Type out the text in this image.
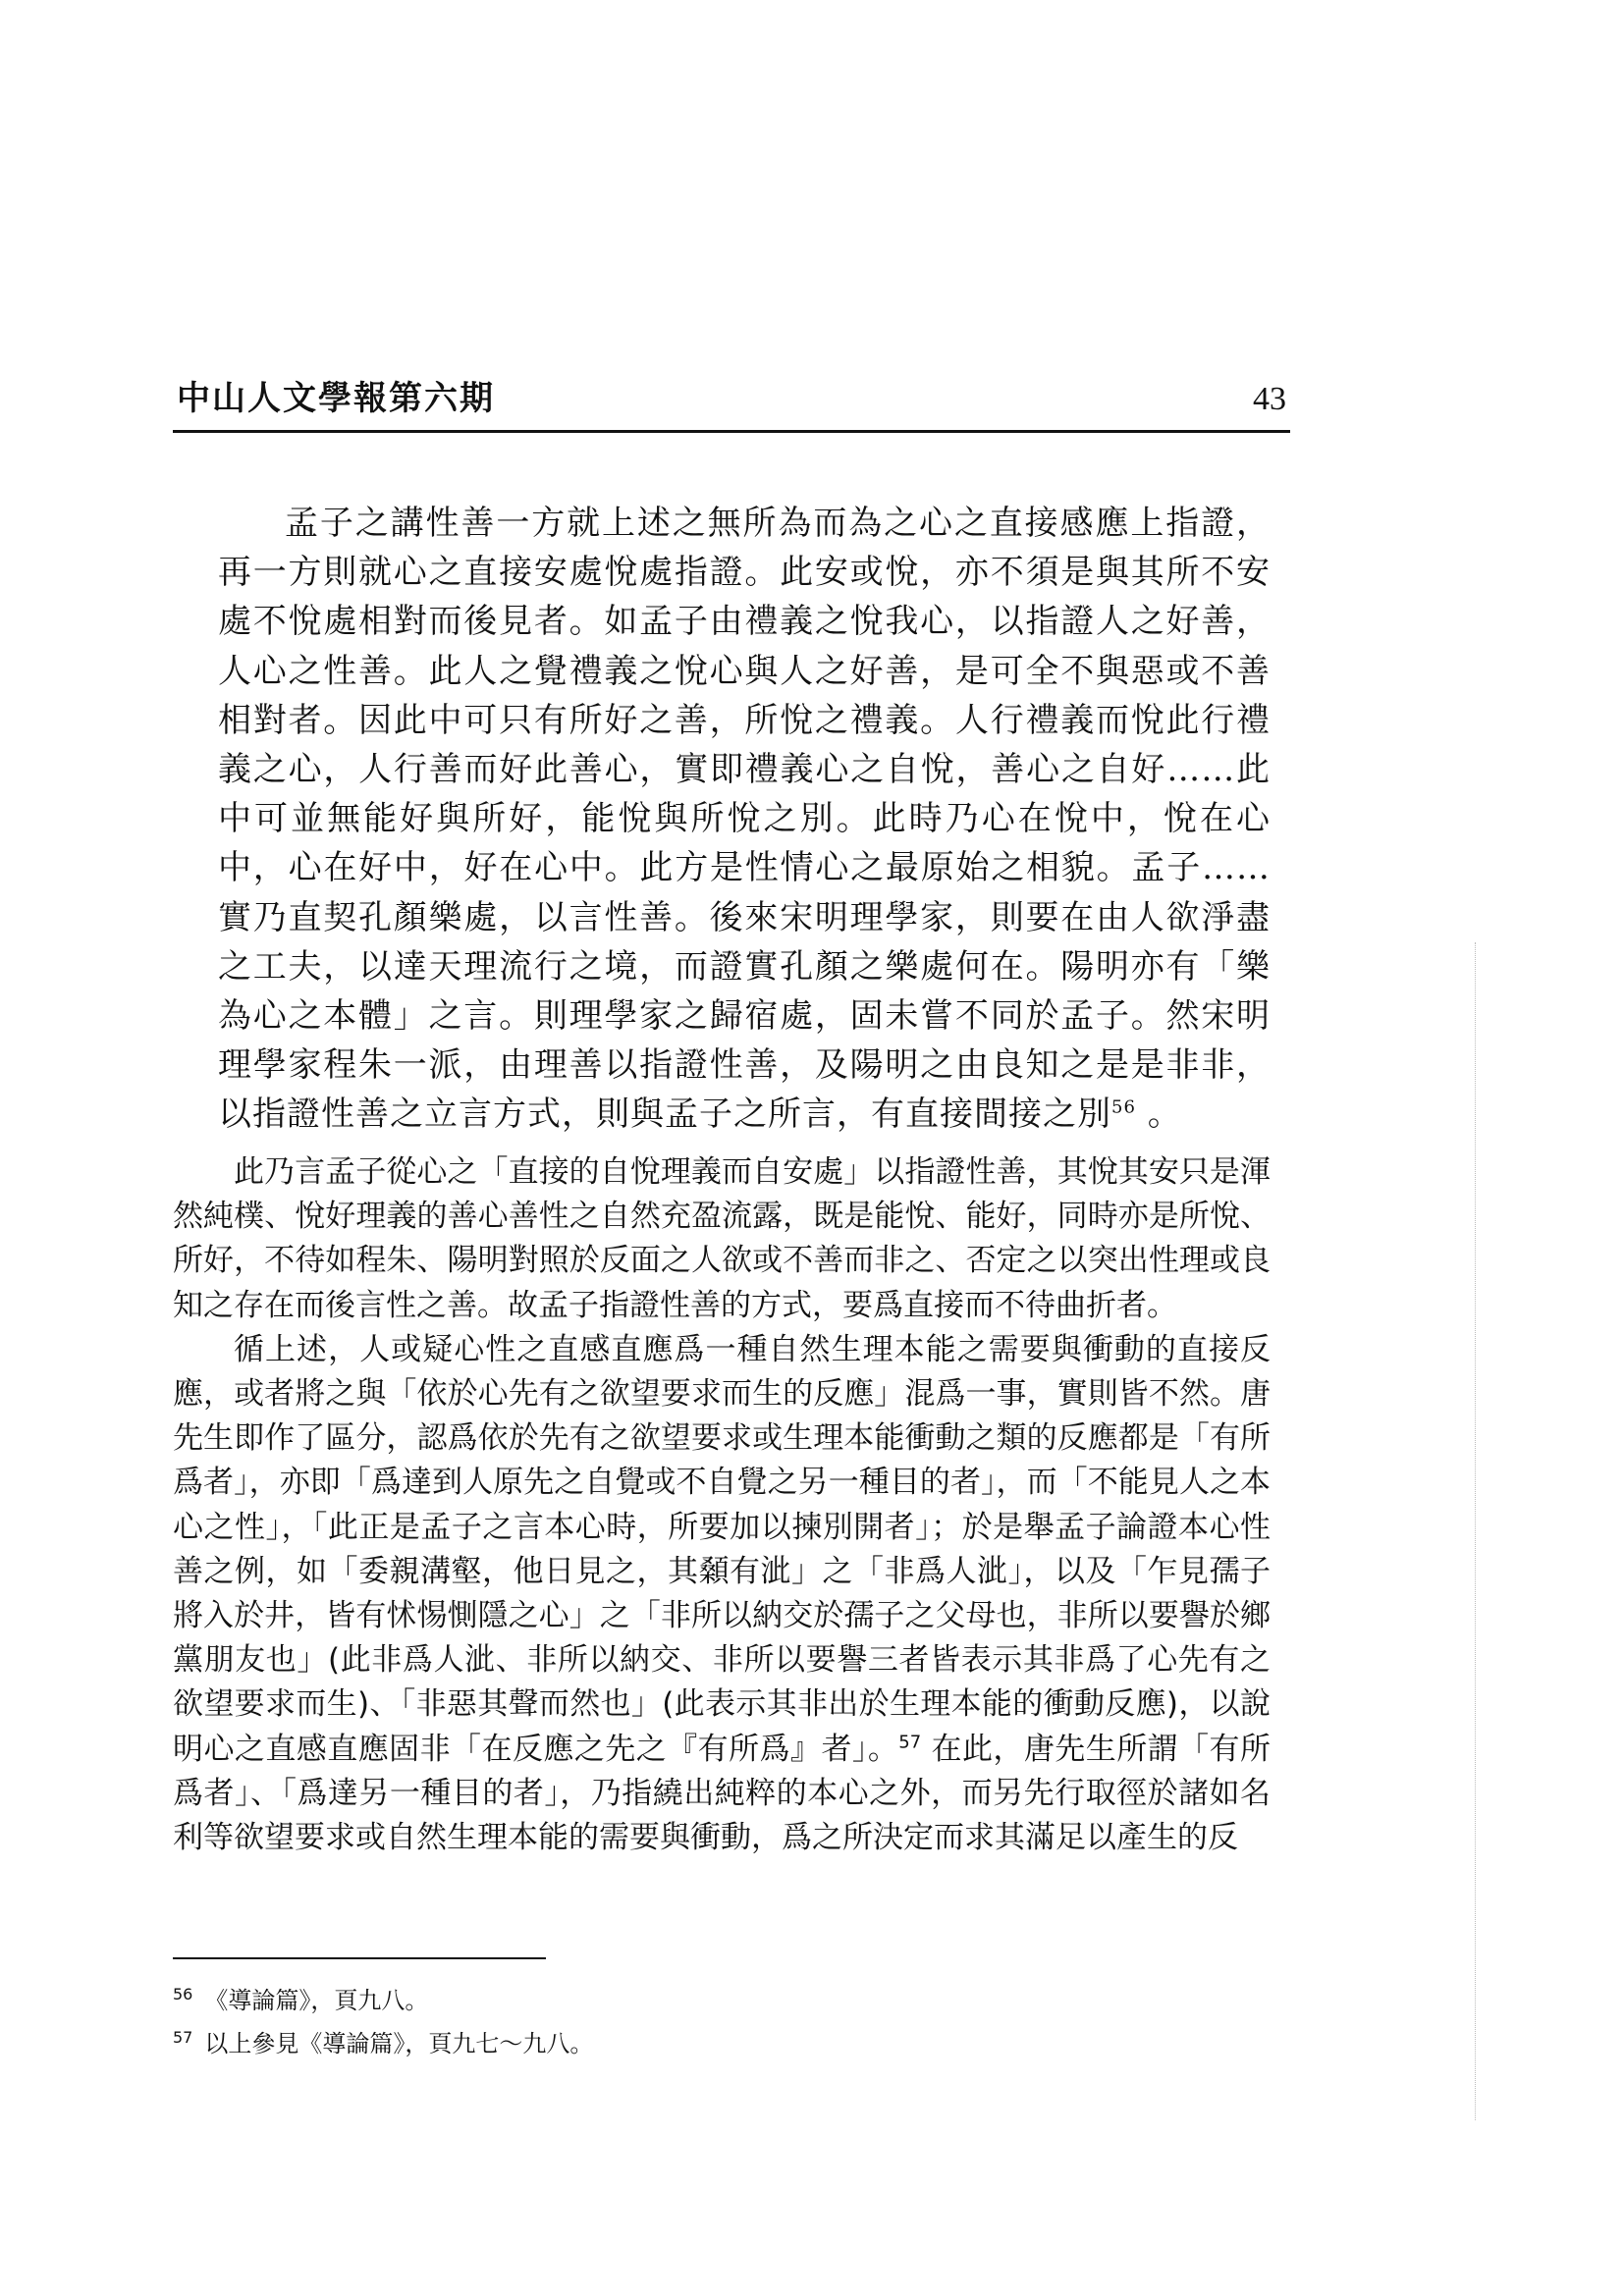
中山人文學報第六期	43
孟子之講性善一方就上述之無所為而為之心之直接感應上指證，再一方則就心之直接安處悅處指證。此安或悅，亦不須是與其所不安處不悅處相對而後見者。如孟子由禮義之悅我心，以指證人之好善，人心之性善。此人之覺禮義之悅心與人之好善，是可全不與惡或不善相對者。因此中可只有所好之善，所悅之禮義。人行禮義而悅此行禮義之心，人行善而好此善心，實即禮義心之自悅，善心之自好……此中可並無能好與所好，能悅與所悅之別。此時乃心在悅中，悅在心中，心在好中，好在心中。此方是性情心之最原始之相貌。孟子……實乃直契孔顏樂處，以言性善。後來宋明理學家，則要在由人欲淨盡之工夫，以達天理流行之境，而證實孔顏之樂處何在。陽明亦有「樂為心之本體」之言。則理學家之歸宿處，固未嘗不同於孟子。然宋明理學家程朱一派，由理善以指證性善，及陽明之由良知之是是非非，以指證性善之立言方式，則與孟子之所言，有直接間接之別$^{56}$ 。

此乃言孟子從心之「直接的自悅理義而自安處」以指證性善，其悅其安只是渾然純樸、悅好理義的善心善性之自然充盈流露，既是能悅、能好，同時亦是所悅、所好，不待如程朱、陽明對照於反面之人欲或不善而非之、否定之以突出性理或良知之存在而後言性之善。故孟子指證性善的方式，要爲直接而不待曲折者。

循上述，人或疑心性之直感直應爲一種自然生理本能之需要與衝動的直接反應，或者將之與「依於心先有之欲望要求而生的反應」混爲一事，實則皆不然。唐先生即作了區分，認爲依於先有之欲望要求或生理本能衝動之類的反應都是「有所爲者」，亦即「爲達到人原先之自覺或不自覺之另一種目的者」，而「不能見人之本心之性」，「此正是孟子之言本心時，所要加以揀別開者」；於是舉孟子論證本心性善之例，如「委親溝壑，他日見之，其顙有泚」之「非爲人泚」，以及「乍見孺子將入於井，皆有怵惕惻隱之心」之「非所以納交於孺子之父母也，非所以要譽於鄉黨朋友也」(此非爲人泚、非所以納交、非所以要譽三者皆表示其非爲了心先有之欲望要求而生)、「非惡其聲而然也」(此表示其非出於生理本能的衝動反應)，以說明心之直感直應固非「在反應之先之『有所爲』者」。$^{57}$ 在此，唐先生所謂「有所爲者」、「爲達另一種目的者」，乃指繞出純粹的本心之外，而另先行取徑於諸如名利等欲望要求或自然生理本能的需要與衝動，爲之所決定而求其滿足以產生的反

$^{56}$ 《導論篇》，頁九八。

$^{57}$ 以上參見《導論篇》，頁九七～九八。
